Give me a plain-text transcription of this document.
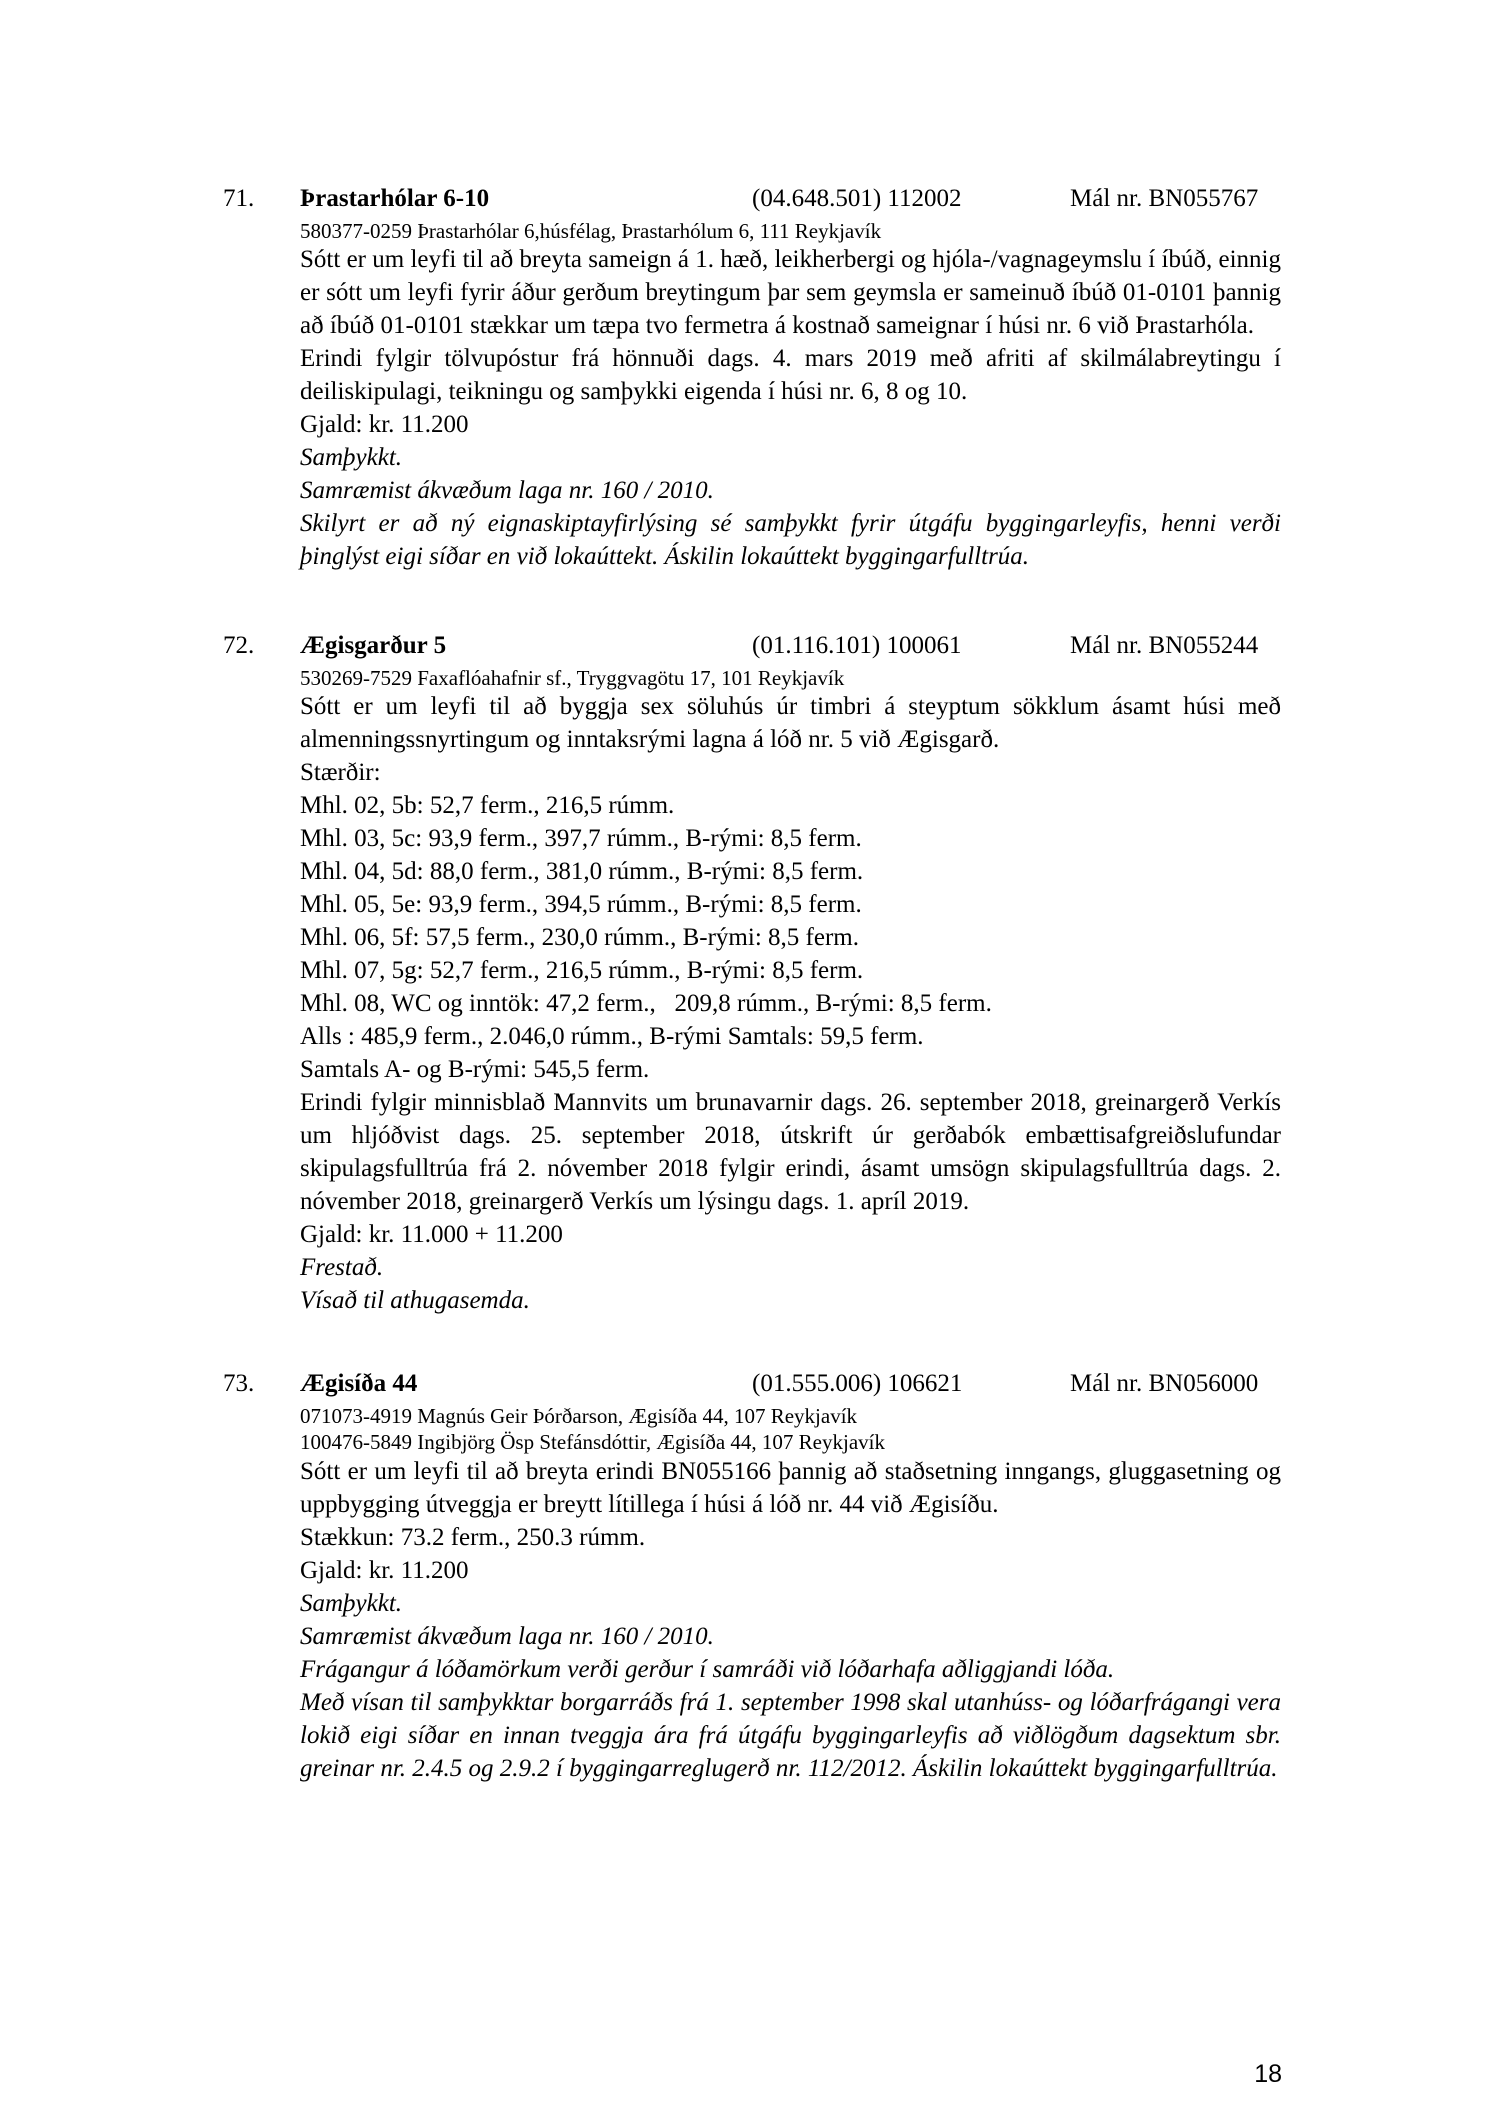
71. Þrastarhólar 6-10	(04.648.501) 112002	Mál nr. BN055767
580377-0259 Þrastarhólar 6,húsfélag, Þrastarhólum 6, 111 Reykjavík

Sótt er um leyfi til að breyta sameign á 1. hæð, leikherbergi og hjóla-/vagnageymslu í íbúð, einnig er sótt um leyfi fyrir áður gerðum breytingum þar sem geymsla er sameinuð íbúð 01-0101 þannig að íbúð 01-0101 stækkar um tæpa tvo fermetra á kostnað sameignar í húsi nr. 6 við Þrastarhóla.

Erindi fylgir tölvupóstur frá hönnuði dags. 4. mars 2019 með afriti af skilmálabreytingu í deiliskipulagi, teikningu og samþykki eigenda í húsi nr. 6, 8 og 10.

Gjald: kr. 11.200

Samþykkt.

Samræmist ákvæðum laga nr. 160 / 2010.

Skilyrt er að ný eignaskiptayfirlýsing sé samþykkt fyrir útgáfu byggingarleyfis, henni verði þinglýst eigi síðar en við lokaúttekt. Áskilin lokaúttekt byggingarfulltrúa.

72. Ægisgarður 5	(01.116.101) 100061	Mál nr. BN055244
530269-7529 Faxaflóahafnir sf., Tryggvagötu 17, 101 Reykjavík

Sótt er um leyfi til að byggja sex söluhús úr timbri á steyptum sökklum ásamt húsi með almenningssnyrtingum og inntaksrými lagna á lóð nr. 5 við Ægisgarð.

Stærðir:

Mhl. 02, 5b: 52,7 ferm., 216,5 rúmm.

Mhl. 03, 5c: 93,9 ferm., 397,7 rúmm., B-rými: 8,5 ferm.

Mhl. 04, 5d: 88,0 ferm., 381,0 rúmm., B-rými: 8,5 ferm.

Mhl. 05, 5e: 93,9 ferm., 394,5 rúmm., B-rými: 8,5 ferm.

Mhl. 06, 5f: 57,5 ferm., 230,0 rúmm., B-rými: 8,5 ferm.

Mhl. 07, 5g: 52,7 ferm., 216,5 rúmm., B-rými: 8,5 ferm.

Mhl. 08, WC og inntök: 47,2 ferm.,   209,8 rúmm., B-rými: 8,5 ferm.

Alls : 485,9 ferm., 2.046,0 rúmm., B-rými Samtals: 59,5 ferm.

Samtals A- og B-rými: 545,5 ferm.

Erindi fylgir minnisblað Mannvits um brunavarnir dags. 26. september 2018, greinargerð Verkís um hljóðvist dags. 25. september 2018, útskrift úr gerðabók embættisafgreiðslufundar skipulagsfulltrúa frá 2. nóvember 2018 fylgir erindi, ásamt umsögn skipulagsfulltrúa dags. 2. nóvember 2018, greinargerð Verkís um lýsingu dags. 1. apríl 2019.

Gjald: kr. 11.000 + 11.200

Frestað.

Vísað til athugasemda.

73. Ægisíða 44	(01.555.006) 106621	Mál nr. BN056000
071073-4919 Magnús Geir Þórðarson, Ægisíða 44, 107 Reykjavík
100476-5849 Ingibjörg Ösp Stefánsdóttir, Ægisíða 44, 107 Reykjavík

Sótt er um leyfi til að breyta erindi BN055166 þannig að staðsetning inngangs, gluggasetning og uppbygging útveggja er breytt lítillega í húsi á lóð nr. 44 við Ægisíðu.

Stækkun: 73.2 ferm., 250.3 rúmm.

Gjald: kr. 11.200

Samþykkt.

Samræmist ákvæðum laga nr. 160 / 2010.

Frágangur á lóðamörkum verði gerður í samráði við lóðarhafa aðliggjandi lóða.

Með vísan til samþykktar borgarráðs frá 1. september 1998 skal utanhúss- og lóðarfrágangi vera lokið eigi síðar en innan tveggja ára frá útgáfu byggingarleyfis að viðlögðum dagsektum sbr. greinar nr. 2.4.5 og 2.9.2 í byggingarreglugerð nr. 112/2012. Áskilin lokaúttekt byggingarfulltrúa.

18
